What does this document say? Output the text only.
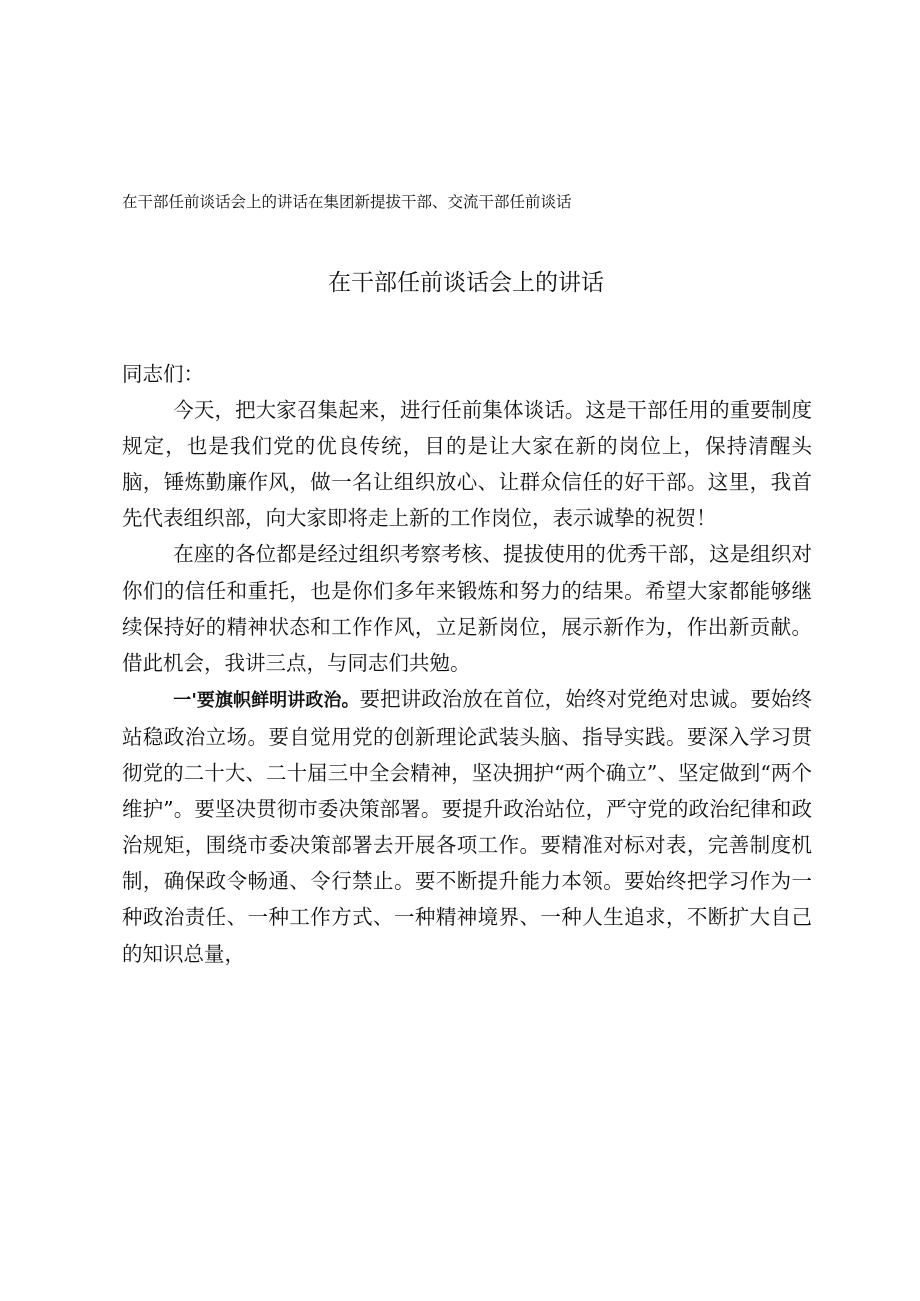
在干部任前谈话会上的讲话在集团新提拔干部、交流干部任前谈话
在干部任前谈话会上的讲话

同志们：

今天，把大家召集起来，进行任前集体谈话。这是干部任用的重要制度规定，也是我们党的优良传统，目的是让大家在新的岗位上，保持清醒头脑，锤炼勤廉作风，做一名让组织放心、让群众信任的好干部。这里，我首先代表组织部，向大家即将走上新的工作岗位，表示诚挚的祝贺！

在座的各位都是经过组织考察考核、提拔使用的优秀干部，这是组织对你们的信任和重托，也是你们多年来锻炼和努力的结果。希望大家都能够继续保持好的精神状态和工作作风，立足新岗位，展示新作为，作出新贡献。借此机会，我讲三点，与同志们共勉。

一'要旗帜鲜明讲政治。要把讲政治放在首位，始终对党绝对忠诚。要始终站稳政治立场。要自觉用党的创新理论武装头脑、指导实践。要深入学习贯彻党的二十大、二十届三中全会精神，坚决拥护“两个确立”、坚定做到“两个维护”。要坚决贯彻市委决策部署。要提升政治站位，严守党的政治纪律和政治规矩，围绕市委决策部署去开展各项工作。要精准对标对表，完善制度机制，确保政令畅通、令行禁止。要不断提升能力本领。要始终把学习作为一种政治责任、一种工作方式、一种精神境界、一种人生追求，不断扩大自己的知识总量，
